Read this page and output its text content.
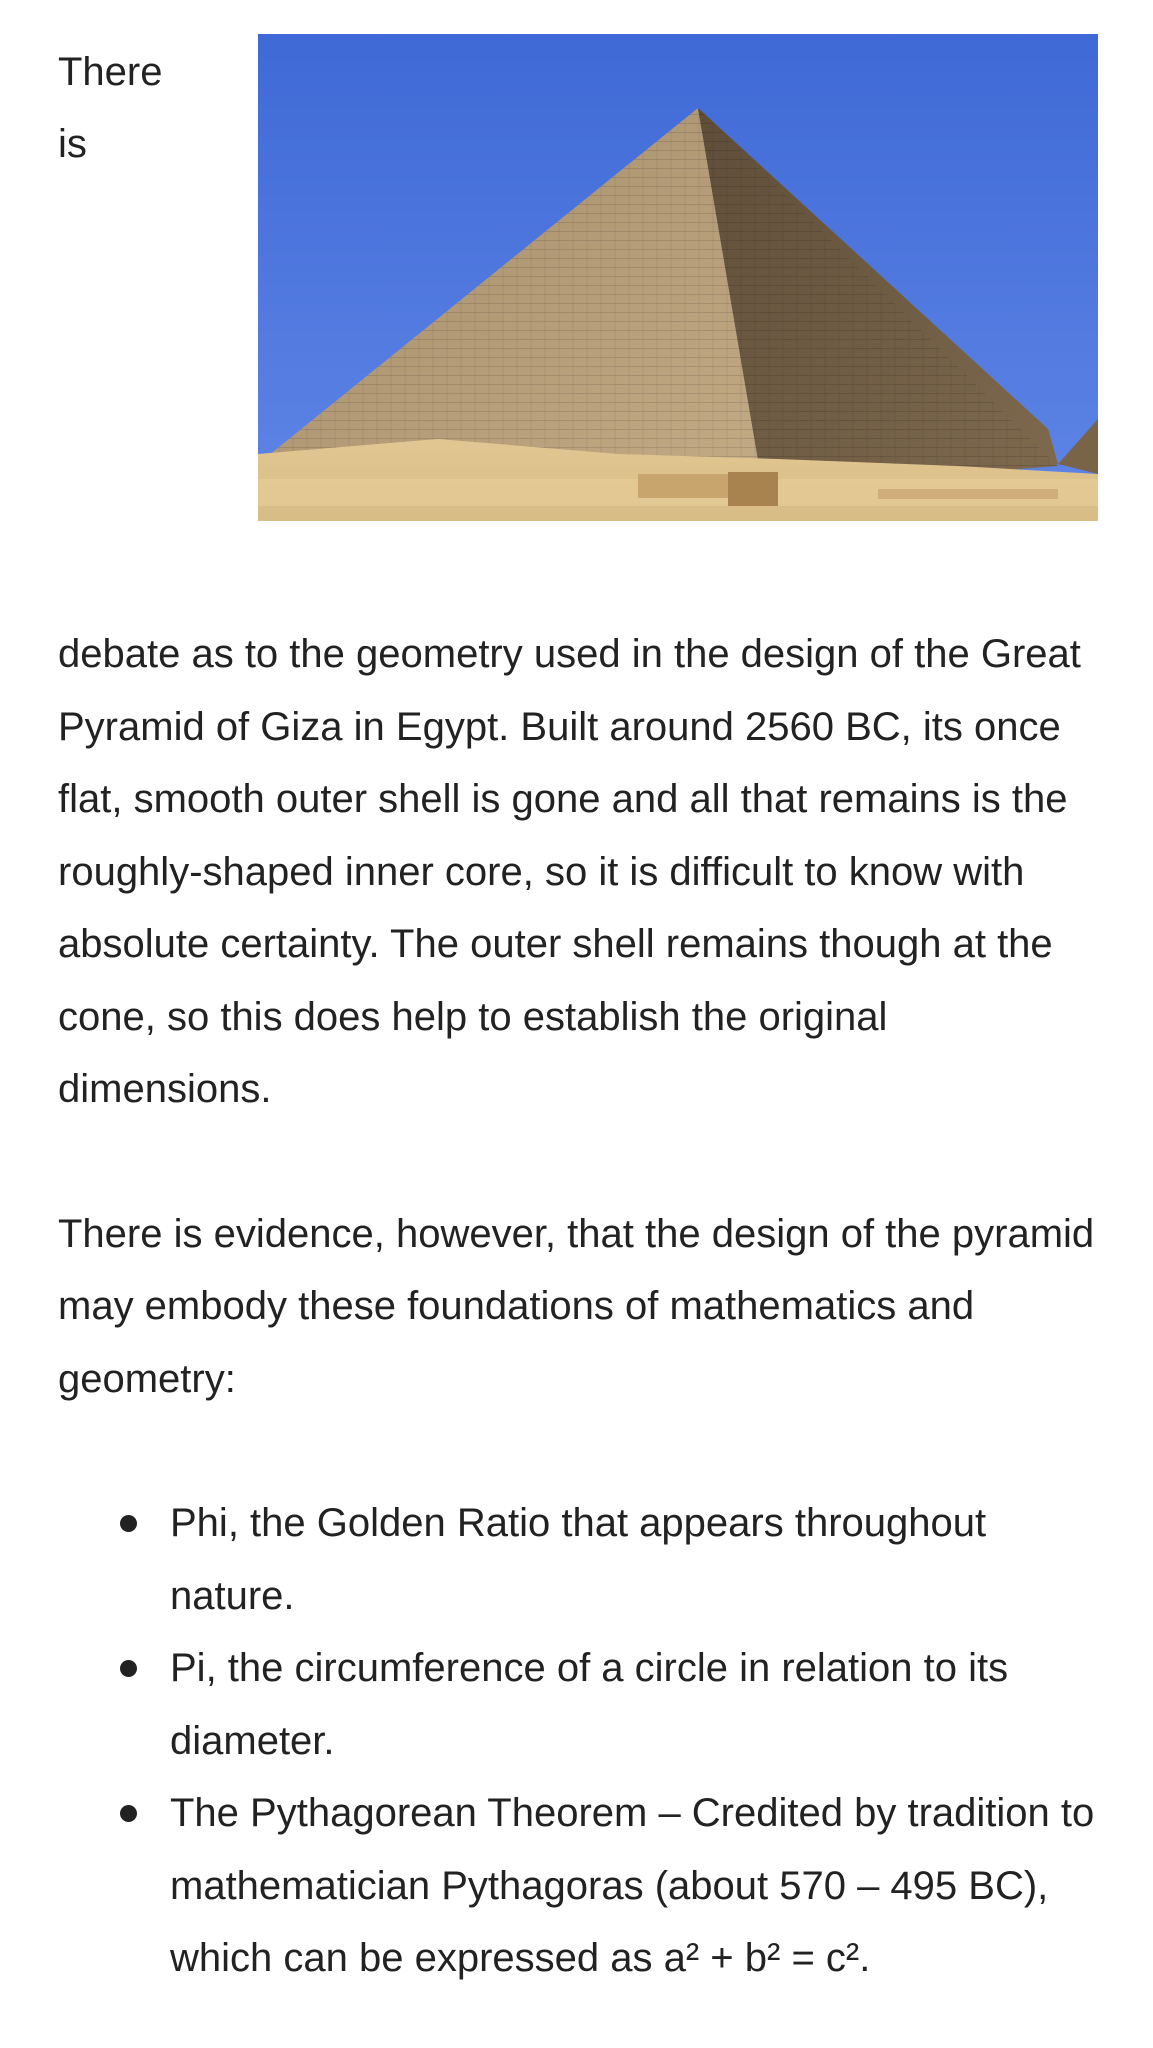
There is

debate as to the geometry used in the design of the Great Pyramid of Giza in Egypt. Built around 2560 BC, its once flat, smooth outer shell is gone and all that remains is the roughly-shaped inner core, so it is difficult to know with absolute certainty. The outer shell remains though at the cone, so this does help to establish the original dimensions.

There is evidence, however, that the design of the pyramid may embody these foundations of mathematics and geometry:

Phi, the Golden Ratio that appears throughout nature.
Pi, the circumference of a circle in relation to its diameter.
The Pythagorean Theorem – Credited by tradition to mathematician Pythagoras (about 570 – 495 BC), which can be expressed as a² + b² = c².
